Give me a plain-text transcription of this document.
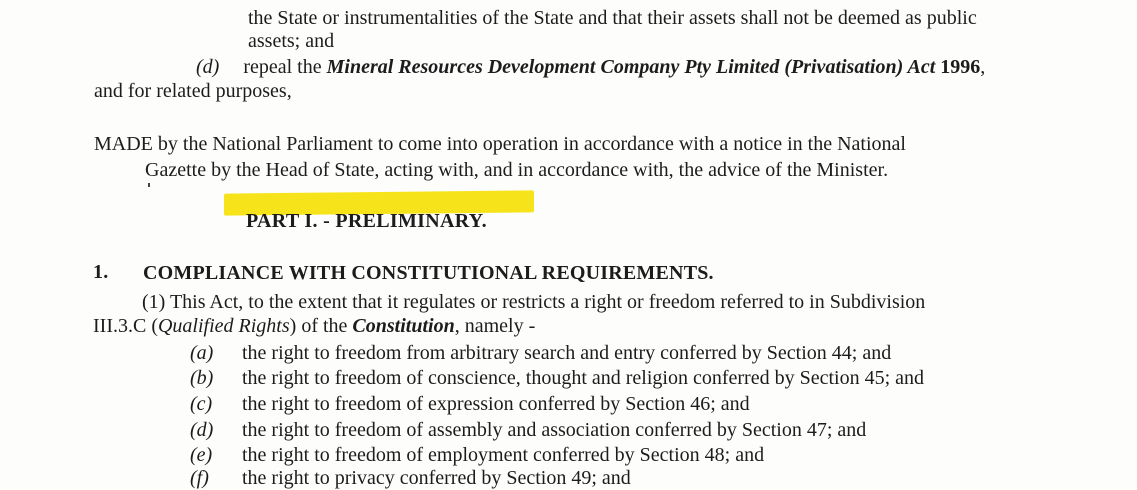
the State or instrumentalities of the State and that their assets shall not be deemed as public
assets; and
(d) repeal the Mineral Resources Development Company Pty Limited (Privatisation) Act 1996,
and for related purposes,
MADE by the National Parliament to come into operation in accordance with a notice in the National
Gazette by the Head of State, acting with, and in accordance with, the advice of the Minister.
PART I. - PRELIMINARY.
1. COMPLIANCE WITH CONSTITUTIONAL REQUIREMENTS.
(1) This Act, to the extent that it regulates or restricts a right or freedom referred to in Subdivision
III.3.C (Qualified Rights) of the Constitution, namely -
(a) the right to freedom from arbitrary search and entry conferred by Section 44; and
(b) the right to freedom of conscience, thought and religion conferred by Section 45; and
(c) the right to freedom of expression conferred by Section 46; and
(d) the right to freedom of assembly and association conferred by Section 47; and
(e) the right to freedom of employment conferred by Section 48; and
(f) the right to privacy conferred by Section 49; and
